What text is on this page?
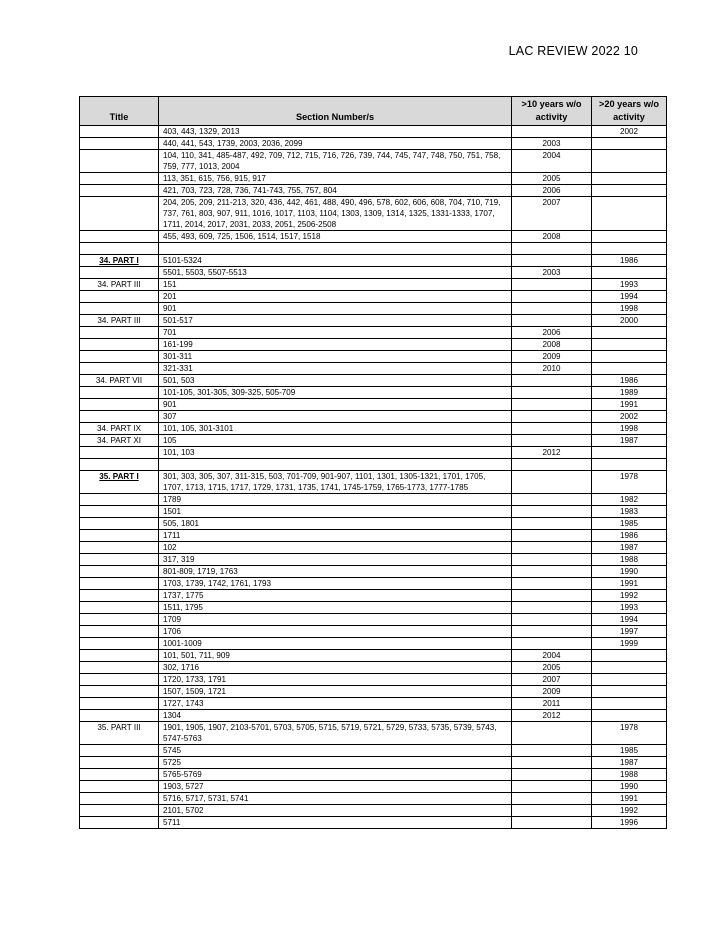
LAC REVIEW 2022 10
Title	Section Number/s	>10 years w/o activity	>20 years w/o activity
	403, 443, 1329, 2013		2002
	440, 441, 543, 1739, 2003, 2036, 2099	2003	
	104, 110, 341, 485-487, 492, 709, 712, 715, 716, 726, 739, 744, 745, 747, 748, 750, 751, 758, 759, 777, 1013, 2004	2004	
	113, 351, 615, 756, 915, 917	2005	
	421, 703, 723, 728, 736, 741-743, 755, 757, 804	2006	
	204, 205, 209, 211-213, 320, 436, 442, 461, 488, 490, 496, 578, 602, 606, 608, 704, 710, 719, 737, 761, 803, 907, 911, 1016, 1017, 1103, 1104, 1303, 1309, 1314, 1325, 1331-1333, 1707, 1711, 2014, 2017, 2031, 2033, 2051, 2506-2508	2007	
	455, 493, 609, 725, 1506, 1514, 1517, 1518	2008	

34. PART I	5101-5324		1986
	5501, 5503, 5507-5513	2003	
34. PART III	151		1993
	201		1994
	901		1998
34. PART III	501-517		2000
	701	2006	
	161-199	2008	
	301-311	2009	
	321-331	2010	
34. PART VII	501, 503		1986
	101-105, 301-305, 309-325, 505-709		1989
	901		1991
	307		2002
34. PART IX	101, 105, 301-3101		1998
34. PART XI	105		1987
	101, 103	2012	

35. PART I	301, 303, 305, 307, 311-315, 503, 701-709, 901-907, 1101, 1301, 1305-1321, 1701, 1705, 1707, 1713, 1715, 1717, 1729, 1731, 1735, 1741, 1745-1759, 1765-1773, 1777-1785		1978
	1789		1982
	1501		1983
	505, 1801		1985
	1711		1986
	102		1987
	317, 319		1988
	801-809, 1719, 1763		1990
	1703, 1739, 1742, 1761, 1793		1991
	1737, 1775		1992
	1511, 1795		1993
	1709		1994
	1706		1997
	1001-1009		1999
	101, 501, 711, 909	2004	
	302, 1716	2005	
	1720, 1733, 1791	2007	
	1507, 1509, 1721	2009	
	1727, 1743	2011	
	1304	2012	
35. PART III	1901, 1905, 1907, 2103-5701, 5703, 5705, 5715, 5719, 5721, 5729, 5733, 5735, 5739, 5743, 5747-5763		1978
	5745		1985
	5725		1987
	5765-5769		1988
	1903, 5727		1990
	5716, 5717, 5731, 5741		1991
	2101, 5702		1992
	5711		1996
